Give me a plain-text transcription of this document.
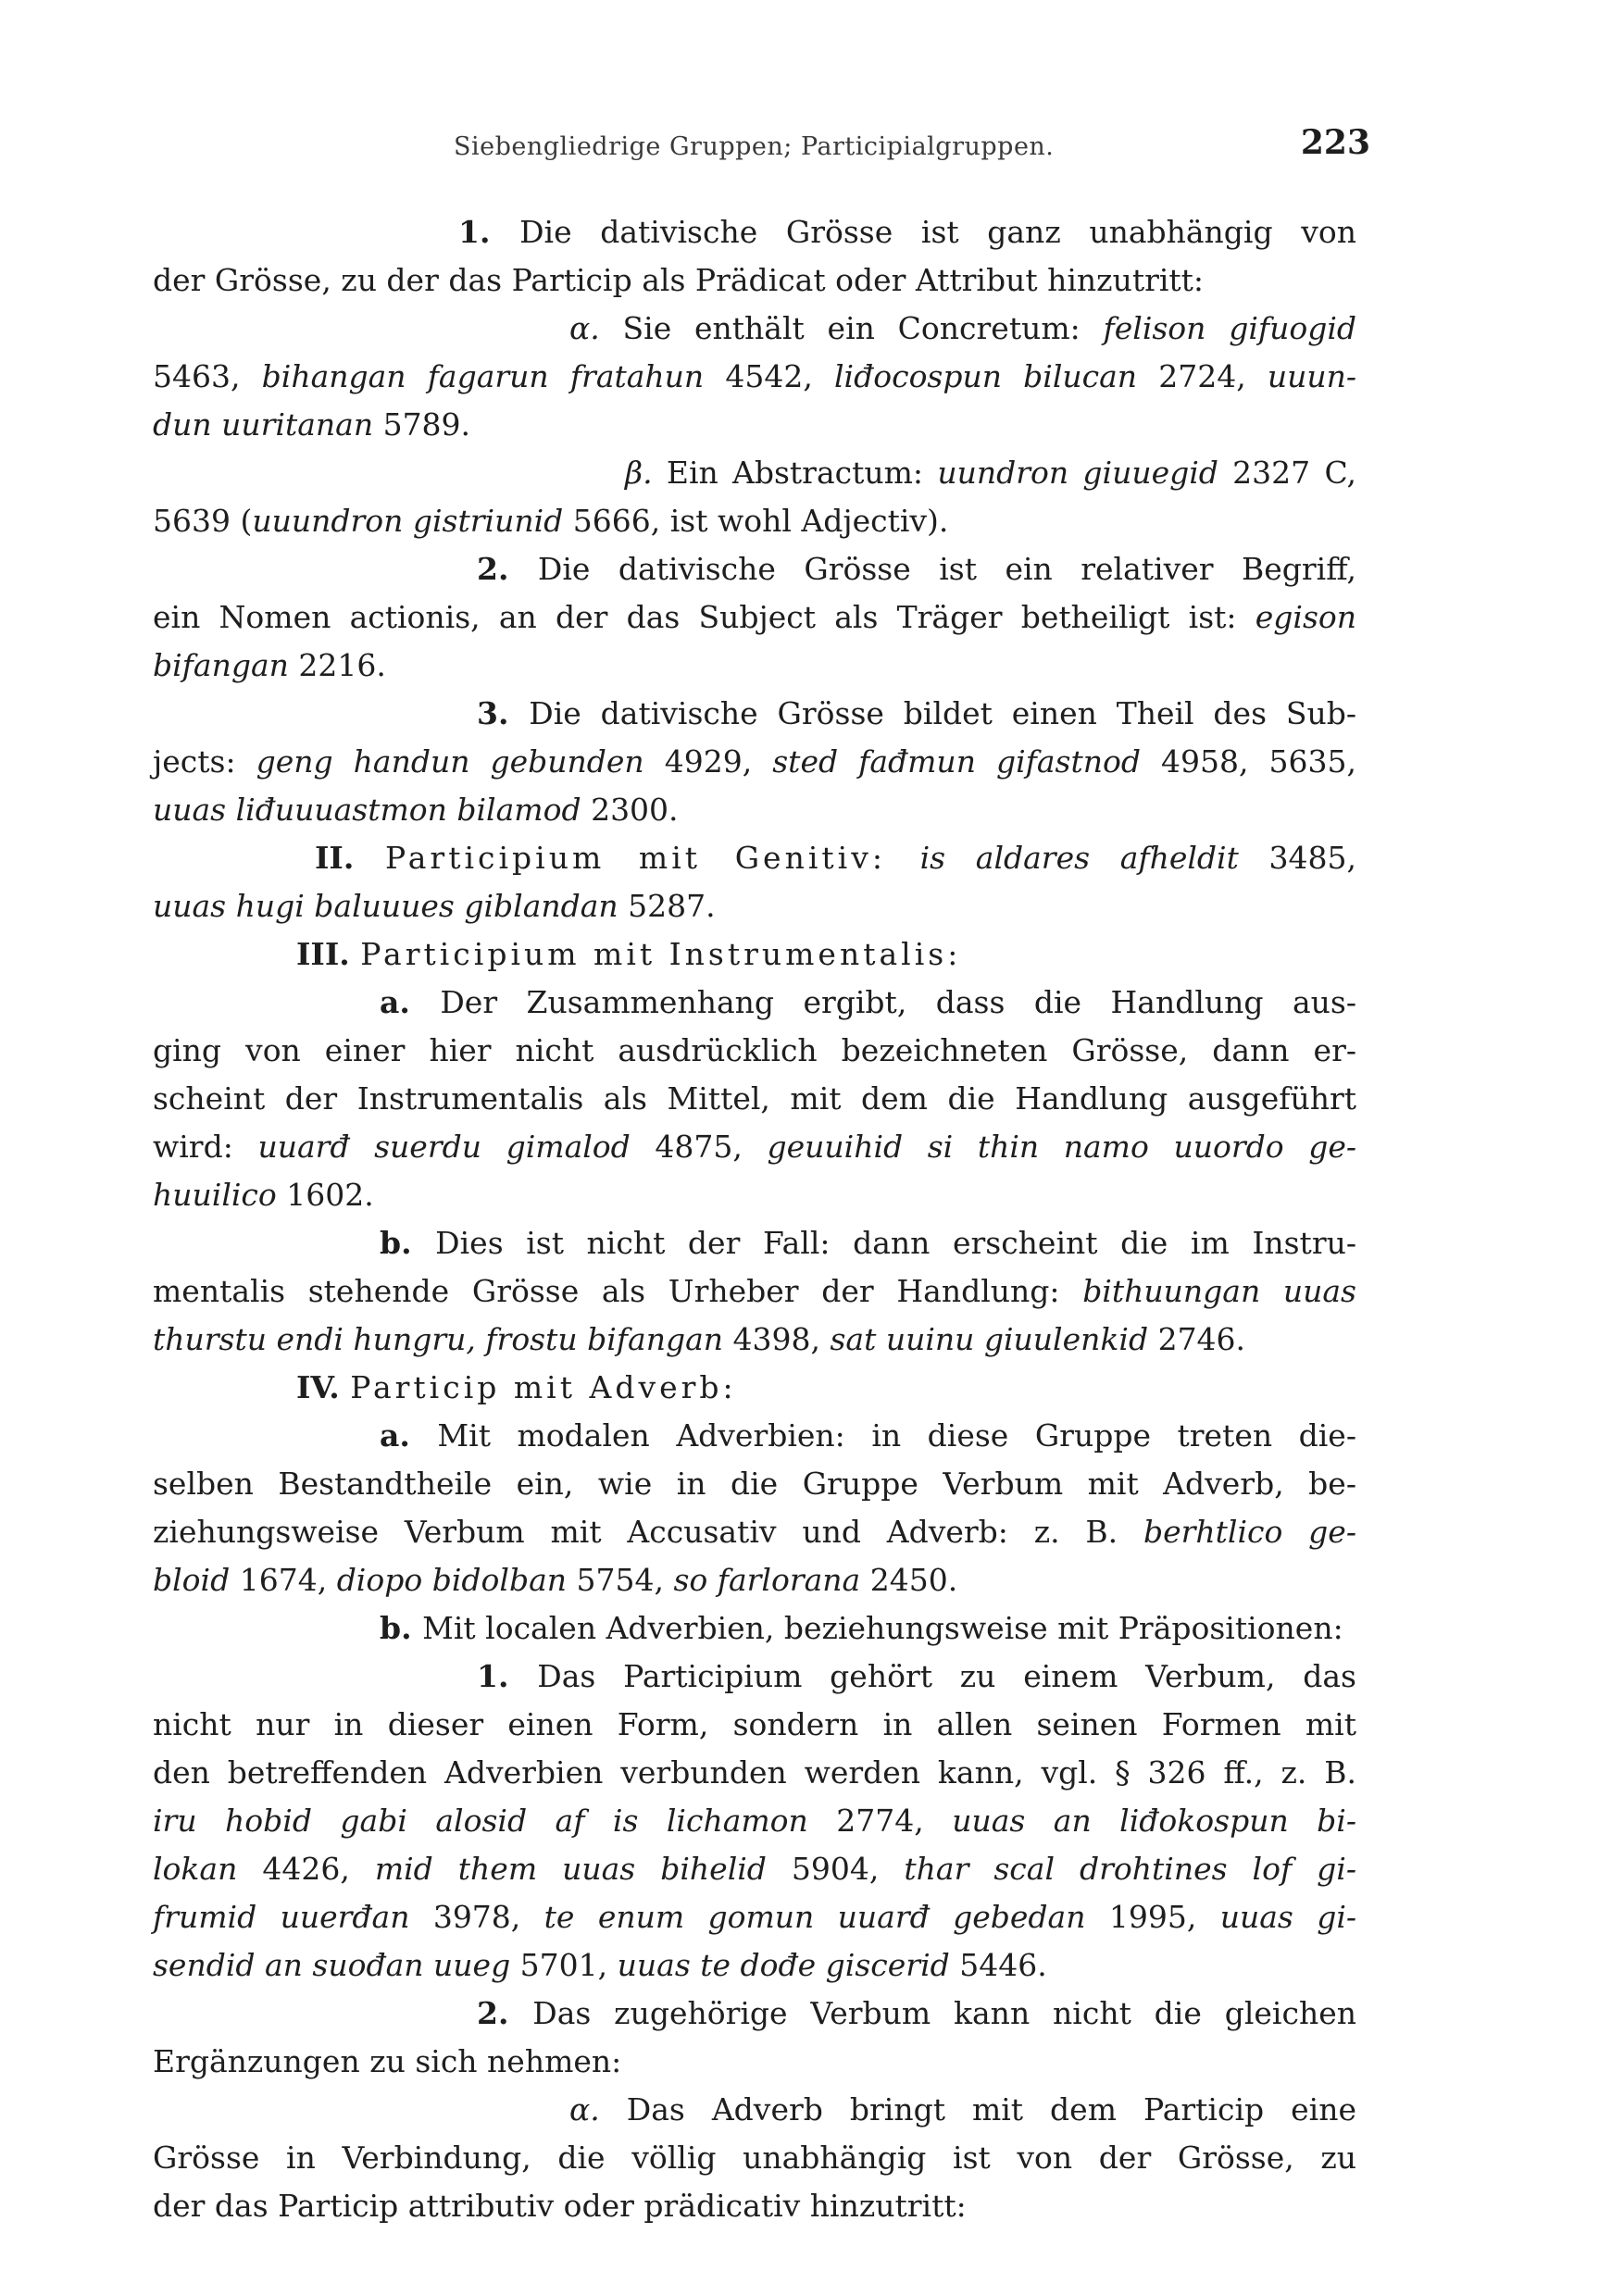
Siebengliedrige Gruppen; Participialgruppen.	223
1. Die dativische Grösse ist ganz unabhängig von
der Grösse, zu der das Particip als Prädicat oder Attribut hinzutritt:
α. Sie enthält ein Concretum: felison gifuogid
5463, bihangan fagarun fratahun 4542, liđocospun bilucan 2724, uuun-
dun uuritanan 5789.
β. Ein Abstractum: uundron giuuegid 2327 C,
5639 (uuundron gistriunid 5666, ist wohl Adjectiv).
2. Die dativische Grösse ist ein relativer Begriff,
ein Nomen actionis, an der das Subject als Träger betheiligt ist: egison
bifangan 2216.
3. Die dativische Grösse bildet einen Theil des Sub-
jects: geng handun gebunden 4929, sted fađmun gifastnod 4958, 5635,
uuas liđuuuastmon bilamod 2300.
II. Participium mit Genitiv: is aldares afheldit 3485,
uuas hugi baluuues giblandan 5287.
III. Participium mit Instrumentalis:
a. Der Zusammenhang ergibt, dass die Handlung aus-
ging von einer hier nicht ausdrücklich bezeichneten Grösse, dann er-
scheint der Instrumentalis als Mittel, mit dem die Handlung ausgeführt
wird: uuarđ suerdu gimalod 4875, geuuihid si thin namo uuordo ge-
huuilico 1602.
b. Dies ist nicht der Fall: dann erscheint die im Instru-
mentalis stehende Grösse als Urheber der Handlung: bithuungan uuas
thurstu endi hungru, frostu bifangan 4398, sat uuinu giuulenkid 2746.
IV. Particip mit Adverb:
a. Mit modalen Adverbien: in diese Gruppe treten die-
selben Bestandtheile ein, wie in die Gruppe Verbum mit Adverb, be-
ziehungsweise Verbum mit Accusativ und Adverb: z. B. berhtlico ge-
bloid 1674, diopo bidolban 5754, so farlorana 2450.
b. Mit localen Adverbien, beziehungsweise mit Präpositionen:
1. Das Participium gehört zu einem Verbum, das
nicht nur in dieser einen Form, sondern in allen seinen Formen mit
den betreffenden Adverbien verbunden werden kann, vgl. § 326 ff., z. B.
iru hobid gabi alosid af is lichamon 2774, uuas an liđokospun bi-
lokan 4426, mid them uuas bihelid 5904, thar scal drohtines lof gi-
frumid uuerđan 3978, te enum gomun uuarđ gebedan 1995, uuas gi-
sendid an suođan uueg 5701, uuas te dođe giscerid 5446.
2. Das zugehörige Verbum kann nicht die gleichen
Ergänzungen zu sich nehmen:
α. Das Adverb bringt mit dem Particip eine
Grösse in Verbindung, die völlig unabhängig ist von der Grösse, zu
der das Particip attributiv oder prädicativ hinzutritt:
